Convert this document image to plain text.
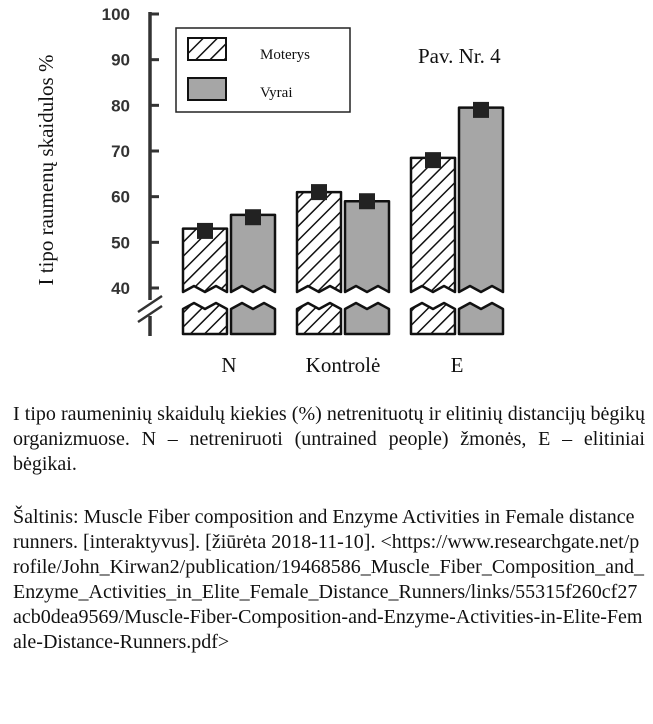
I tipo raumenų skaidulos %	Pav. Nr. 4
40
50
60
70
80
90
100
N	Kontrolė	E
Moterys
Vyrai

I tipo raumeninių skaidulų kiekies (%) netrenituotų ir elitinių distancijų bėgikų organizmuose. N – netreniruoti (untrained people) žmonės, E – elitiniai bėgikai.

Šaltinis: Muscle Fiber composition and Enzyme Activities in Female distance runners. [interaktyvus]. [žiūrėta 2018-11-10]. <https://www.researchgate.net/profile/John_Kirwan2/publication/19468586_Muscle_Fiber_Composition_and_Enzyme_Activities_in_Elite_Female_Distance_Runners/links/55315f260cf27acb0dea9569/Muscle-Fiber-Composition-and-Enzyme-Activities-in-Elite-Female-Distance-Runners.pdf>
